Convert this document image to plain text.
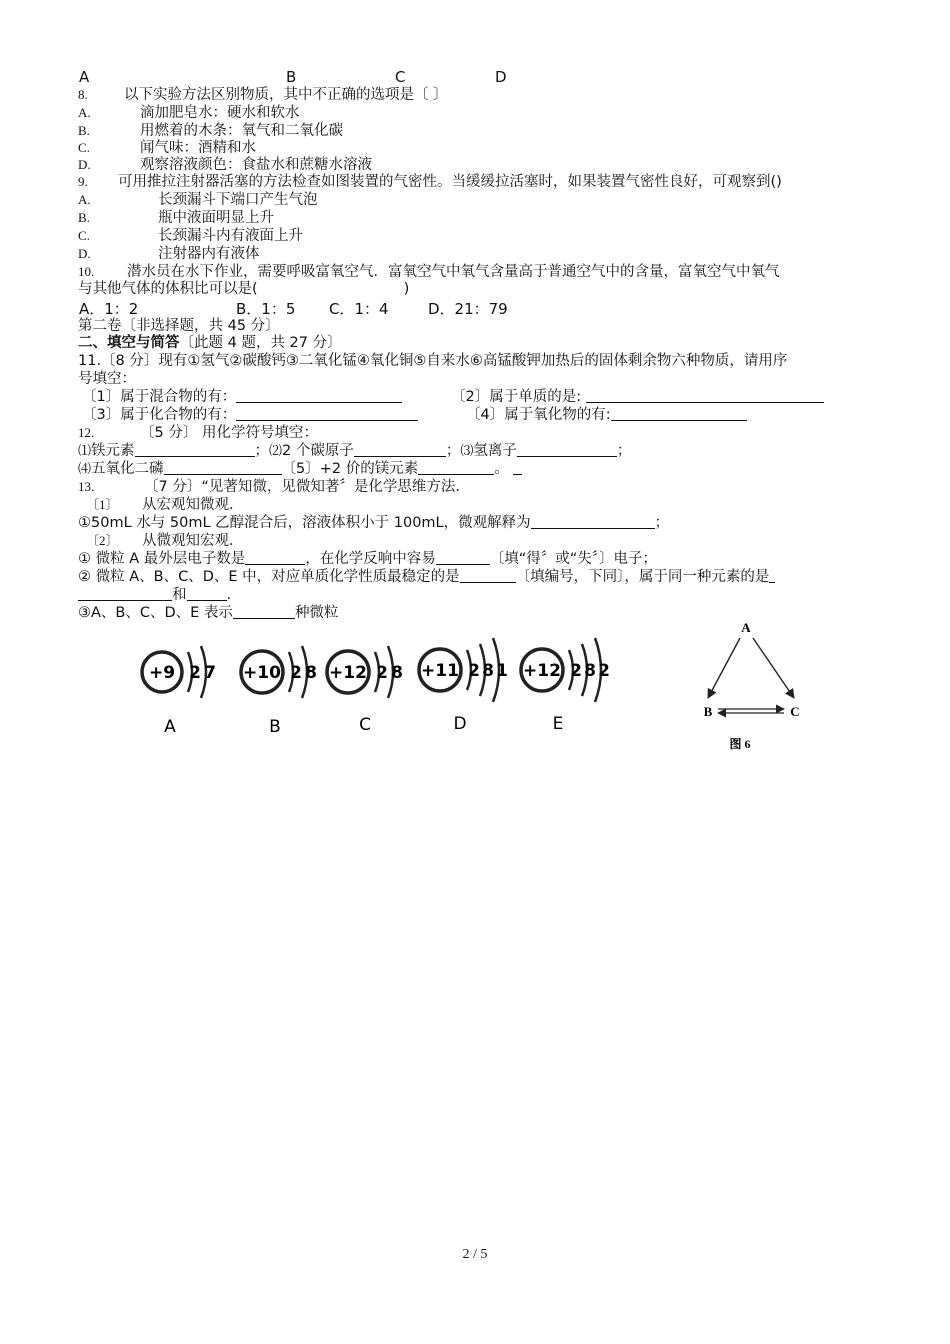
A	B	C	D
8.	以下实验方法区别物质，其中不正确的选项是〔 〕
A.	滴加肥皂水：硬水和软水
B.	用燃着的木条：氧气和二氧化碳
C.	闻气味：酒精和水
D.	观察溶液颜色：食盐水和蔗糖水溶液
9. 可用推拉注射器活塞的方法检查如图装置的气密性。当缓缓拉活塞时，如果装置气密性良好，可观察到()
A.	长颈漏斗下端口产生气泡
B.	瓶中液面明显上升
C.	长颈漏斗内有液面上升
D.	注射器内有液体
10. 潜水员在水下作业，需要呼吸富氧空气．富氧空气中氧气含量高于普通空气中的含量，富氧空气中氧气
与其他气体的体积比可以是(	)
A．1：2	B．1：5 C．1：4	D．21：79
第二卷〔非选择题，共 45 分〕
二、填空与简答〔此题 4 题，共 27 分〕
11.〔8 分〕现有①氢气②碳酸钙③二氧化锰④氧化铜⑤自来水⑥高锰酸钾加热后的固体剩余物六种物质，请用序
号填空：
〔1〕属于混合物的有：	〔2〕属于单质的是:
〔3〕属于化合物的有：	〔4〕属于氧化物的有:
12.	〔5 分〕 用化学符号填空：
⑴铁元素	；⑵2 个碳原子	；⑶氢离子	；
⑷五氧化二磷	〔5〕+2 价的镁元素	。
13.	〔7 分〕“见著知微，见微知著〞是化学思维方法．
〔1〕 从宏观知微观．
①50mL 水与 50mL 乙醇混合后，溶液体积小于 100mL，微观解释为	；
〔2〕 从微观知宏观．
① 微粒 A 最外层电子数是	，在化学反响中容易	〔填“得〞或“失〞〕电子；
② 微粒 A、B、C、D、E 中，对应单质化学性质最稳定的是	〔填编号，下同〕，属于同一种元素的是
和	．
③A、B、C、D、E 表示	种微粒
+9 2 7
A
+10 2 8
B
+12 2 8
C
+11 2 8 1
D
+12 2 8 2
E
A
B	C
图 6
2 / 5
